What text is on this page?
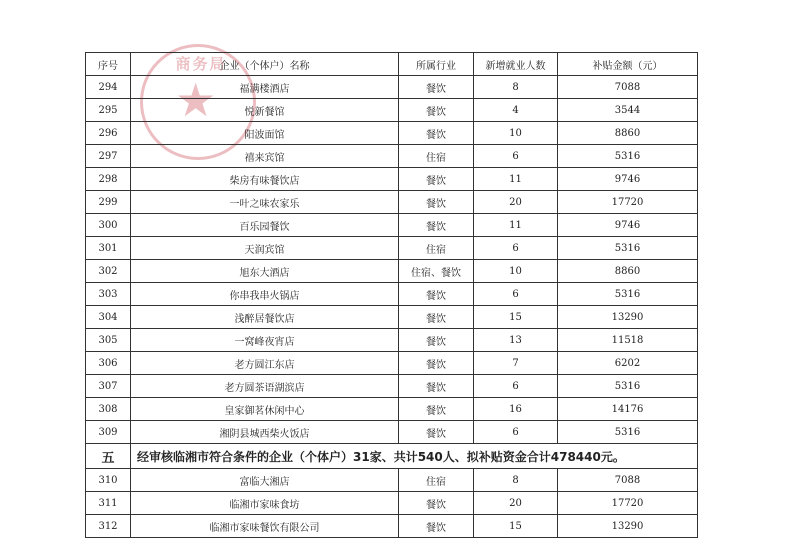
商务局
★
序号	企业（个体户）名称	所属行业	新增就业人数	补贴金额（元）
294	福满楼酒店	餐饮	8	7088
295	悦新餐馆	餐饮	4	3544
296	阳波面馆	餐饮	10	8860
297	禧来宾馆	住宿	6	5316
298	柴房有味餐饮店	餐饮	11	9746
299	一叶之味农家乐	餐饮	20	17720
300	百乐园餐饮	餐饮	11	9746
301	天润宾馆	住宿	6	5316
302	旭东大酒店	住宿、餐饮	10	8860
303	你串我串火锅店	餐饮	6	5316
304	浅醉居餐饮店	餐饮	15	13290
305	一窝峰夜宵店	餐饮	13	11518
306	老方圆江东店	餐饮	7	6202
307	老方圆茶语湖滨店	餐饮	6	5316
308	皇家御茗休闲中心	餐饮	16	14176
309	湘阴县城西柴火饭店	餐饮	6	5316
五	经审核临湘市符合条件的企业（个体户）31家、共计540人、拟补贴资金合计478440元。			
310	富临大湘店	住宿	8	7088
311	临湘市家味食坊	餐饮	20	17720
312	临湘市家味餐饮有限公司	餐饮	15	13290
